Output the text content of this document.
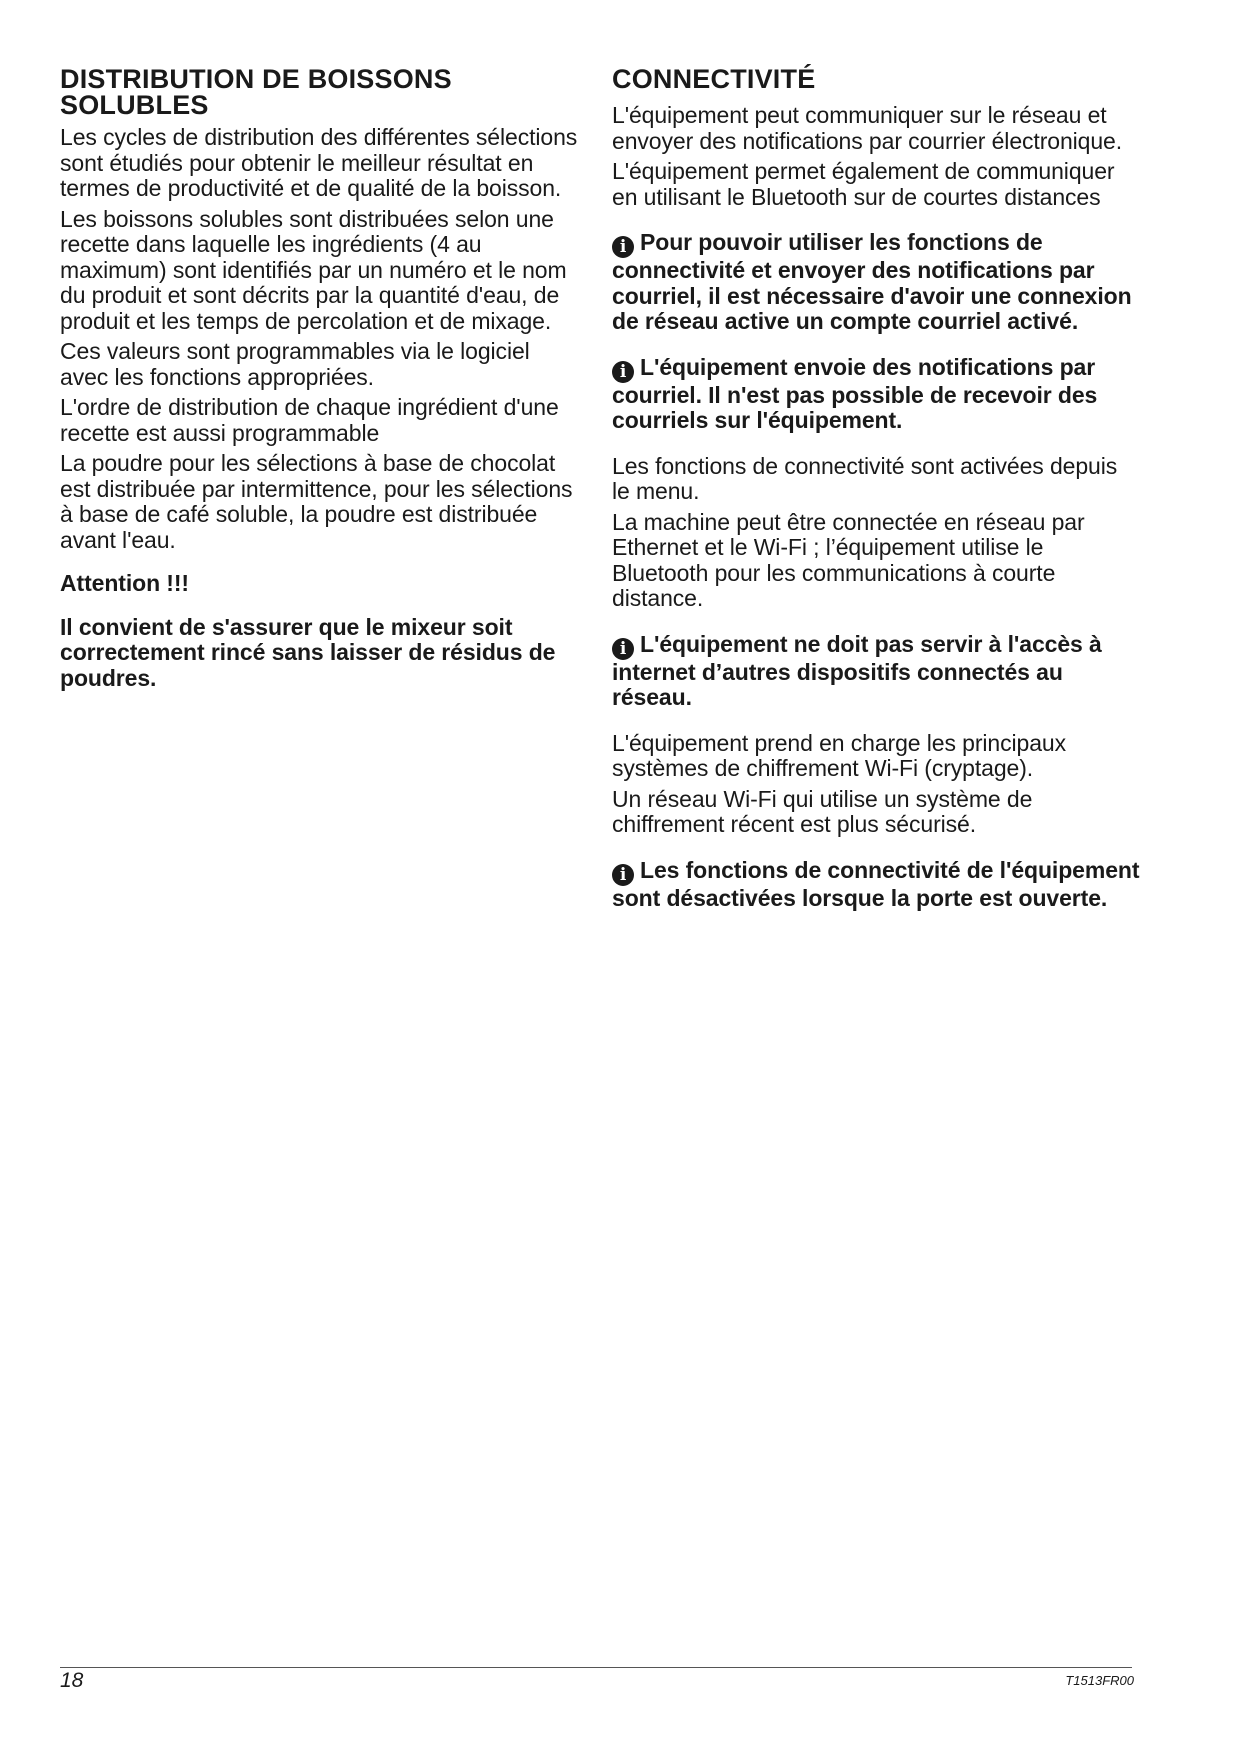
DISTRIBUTION DE BOISSONS SOLUBLES

Les cycles de distribution des différentes sélections sont étudiés pour obtenir le meilleur résultat en termes de productivité et de qualité de la boisson.

Les boissons solubles sont distribuées selon une recette dans laquelle les ingrédients (4 au maximum) sont identifiés par un numéro et le nom du produit et sont décrits par la quantité d'eau, de produit et les temps de percolation et de mixage.

Ces valeurs sont programmables via le logiciel avec les fonctions appropriées.

L'ordre de distribution de chaque ingrédient d'une recette est aussi programmable

La poudre pour les sélections à base de chocolat est distribuée par intermittence, pour les sélections à base de café soluble, la poudre est distribuée avant l'eau.

Attention !!!

Il convient de s'assurer que le mixeur soit correctement rincé sans laisser de résidus de poudres.

CONNECTIVITÉ

L'équipement peut communiquer sur le réseau et envoyer des notifications par courrier électronique.

L'équipement permet également de communiquer en utilisant le Bluetooth sur de courtes distances

i Pour pouvoir utiliser les fonctions de connectivité et envoyer des notifications par courriel, il est nécessaire d'avoir une connexion de réseau active un compte courriel activé.

i L'équipement envoie des notifications par courriel. Il n'est pas possible de recevoir des courriels sur l'équipement.

Les fonctions de connectivité sont activées depuis le menu.

La machine peut être connectée en réseau par Ethernet et le Wi-Fi ; l’équipement utilise le Bluetooth pour les communications à courte distance.

i L'équipement ne doit pas servir à l'accès à internet d’autres dispositifs connectés au réseau.

L'équipement prend en charge les principaux systèmes de chiffrement Wi-Fi (cryptage).

Un réseau Wi-Fi qui utilise un système de chiffrement récent est plus sécurisé.

i Les fonctions de connectivité de l'équipement sont désactivées lorsque la porte est ouverte.

18	T1513FR00
